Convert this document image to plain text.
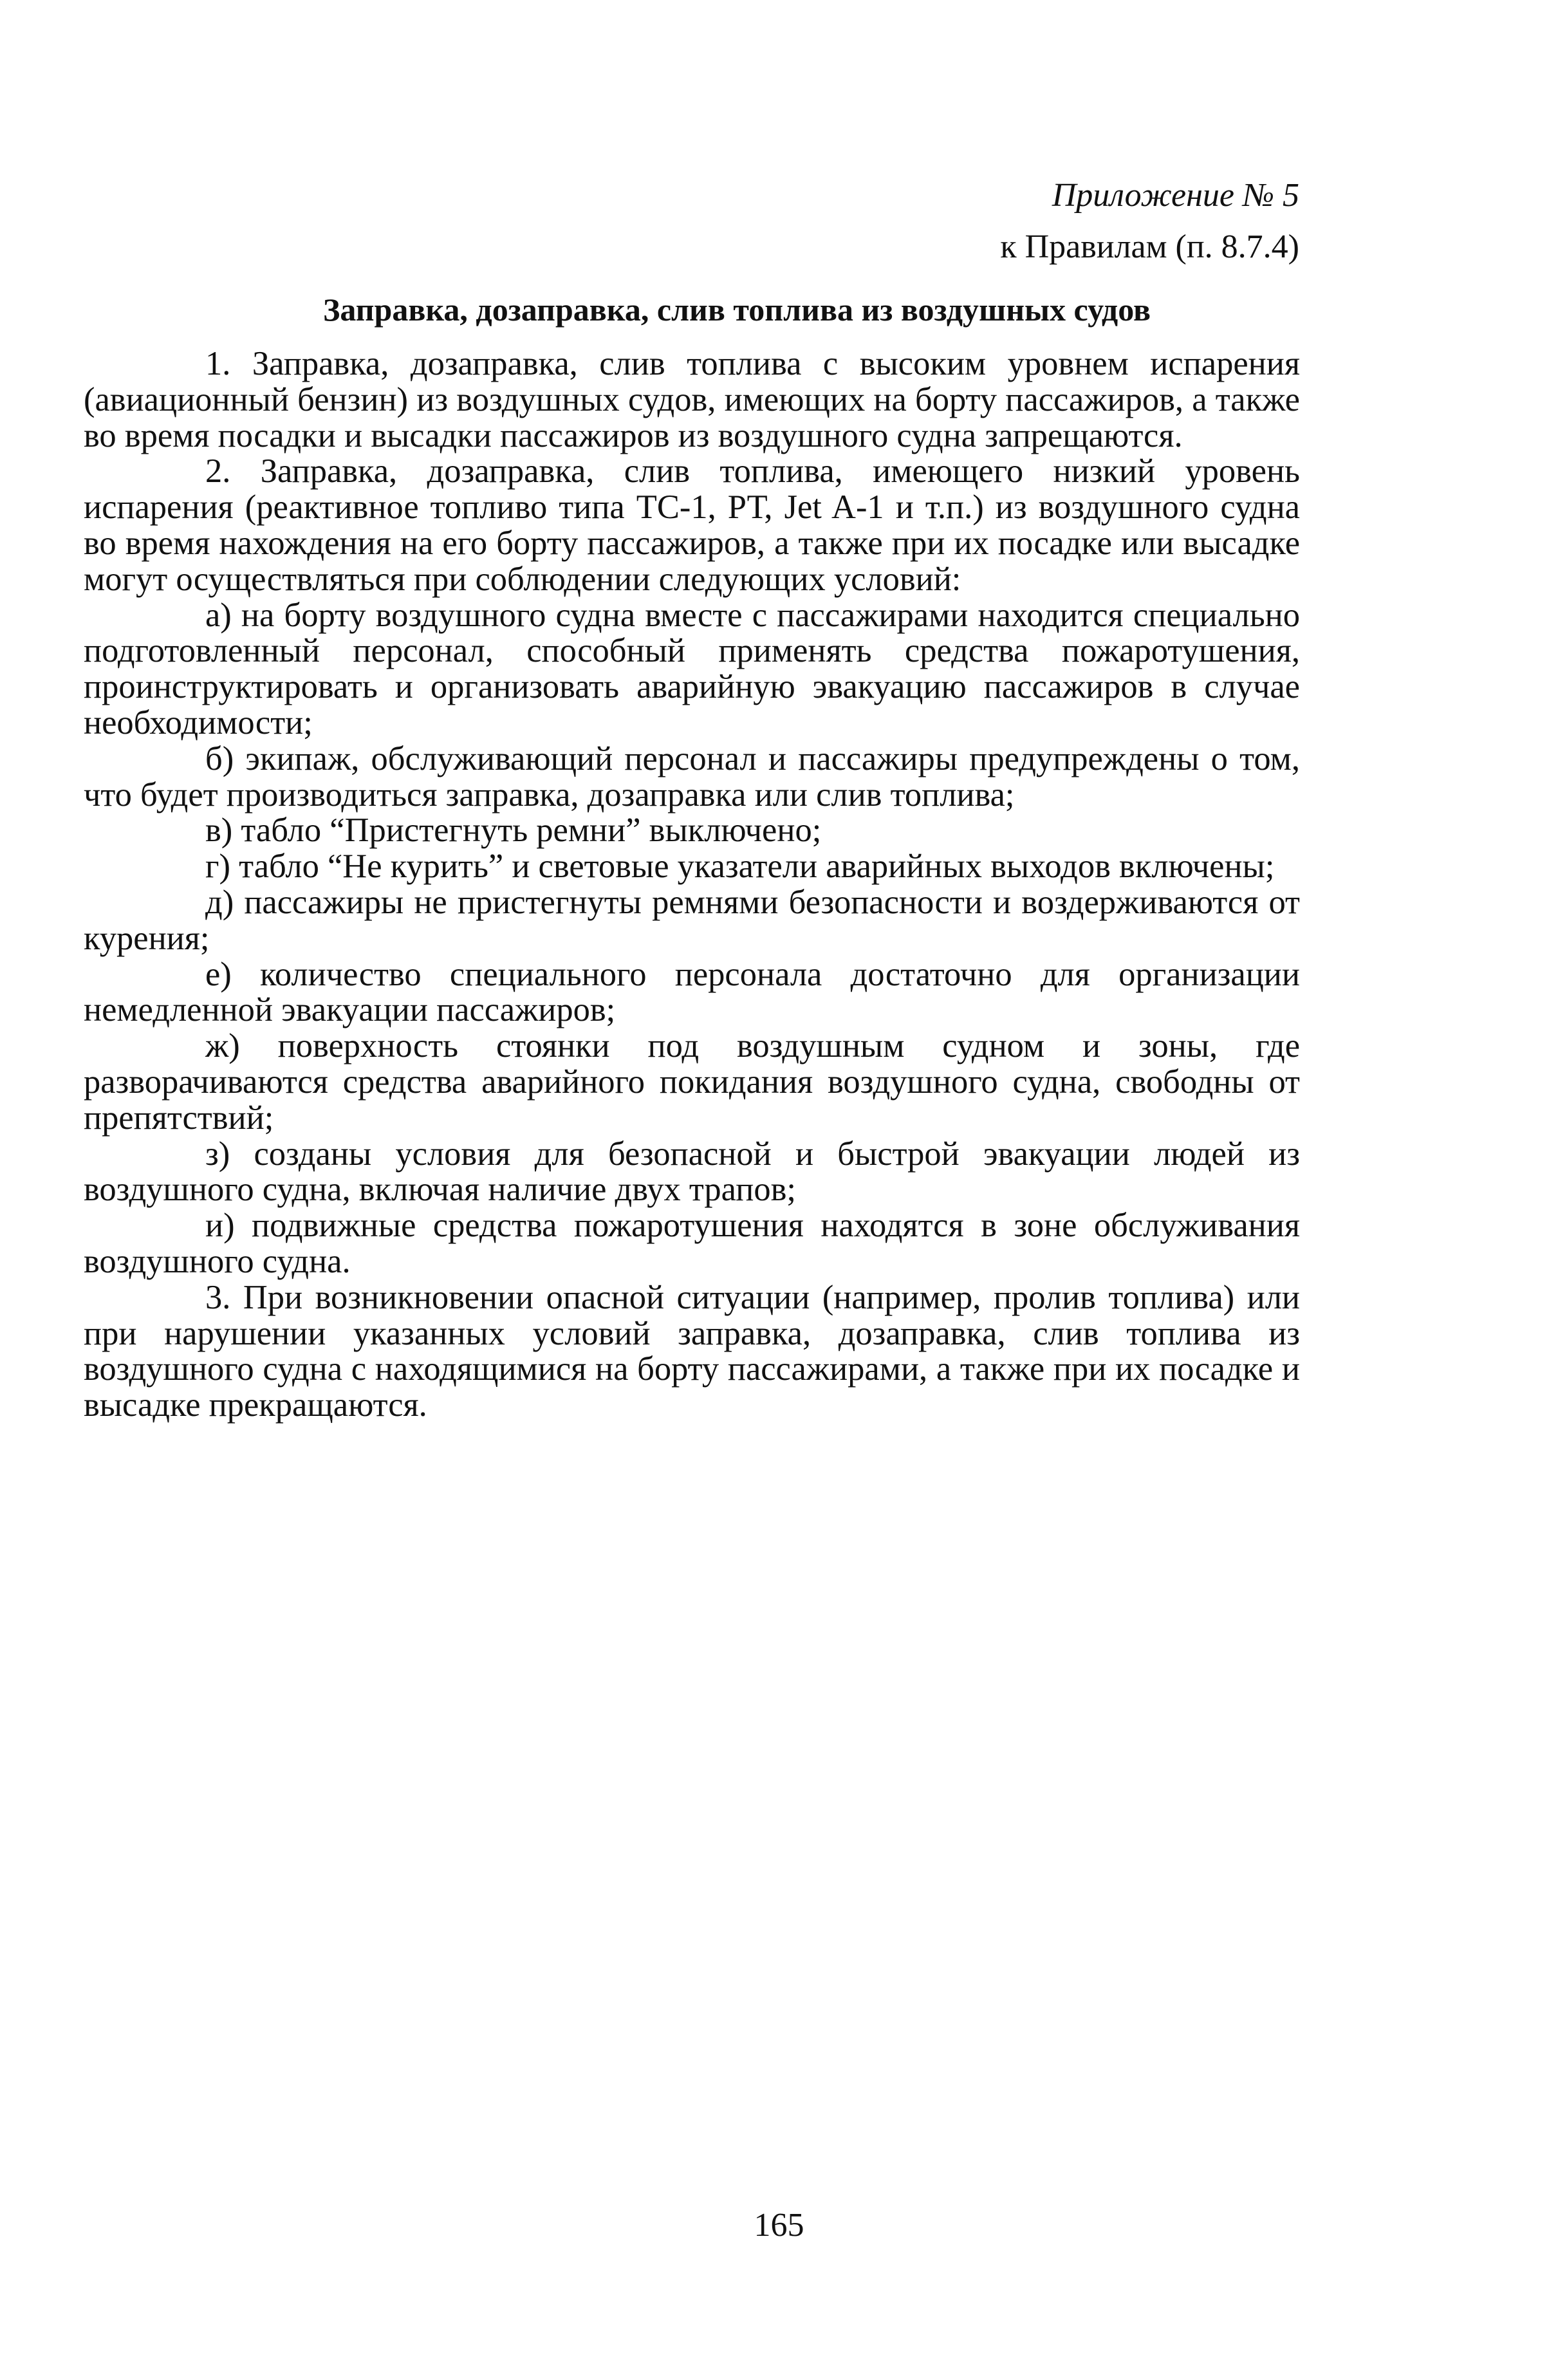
Приложение № 5
к Правилам (п. 8.7.4)
Заправка, дозаправка, слив топлива из воздушных судов

1. Заправка, дозаправка, слив топлива с высоким уровнем испарения (авиационный бензин) из воздушных судов, имеющих на борту пассажиров, а также во время посадки и высадки пассажиров из воздушного судна запрещаются.

2. Заправка, дозаправка, слив топлива, имеющего низкий уровень испарения (реактивное топливо типа ТС-1, РТ, Jet A-1 и т.п.) из воздушного судна во время нахождения на его борту пассажиров, а также при их посадке или высадке могут осуществляться при соблюдении следующих условий:

а) на борту воздушного судна вместе с пассажирами находится специально подготовленный персонал, способный применять средства пожаротушения, проинструктировать и организовать аварийную эвакуацию пассажиров в случае необходимости;

б) экипаж, обслуживающий персонал и пассажиры предупреждены о том, что будет производиться заправка, дозаправка или слив топлива;

в) табло “Пристегнуть ремни” выключено;

г) табло “Не курить” и световые указатели аварийных выходов включены;

д) пассажиры не пристегнуты ремнями безопасности и воздерживаются от курения;

е) количество специального персонала достаточно для организации немедленной эвакуации пассажиров;

ж) поверхность стоянки под воздушным судном и зоны, где разворачиваются средства аварийного покидания воздушного судна, свободны от препятствий;

з) созданы условия для безопасной и быстрой эвакуации людей из воздушного судна, включая наличие двух трапов;

и) подвижные средства пожаротушения находятся в зоне обслуживания воздушного судна.

3. При возникновении опасной ситуации (например, пролив топлива) или при нарушении указанных условий заправка, дозаправка, слив топлива из воздушного судна с находящимися на борту пассажирами, а также при их посадке и высадке прекращаются.

165
